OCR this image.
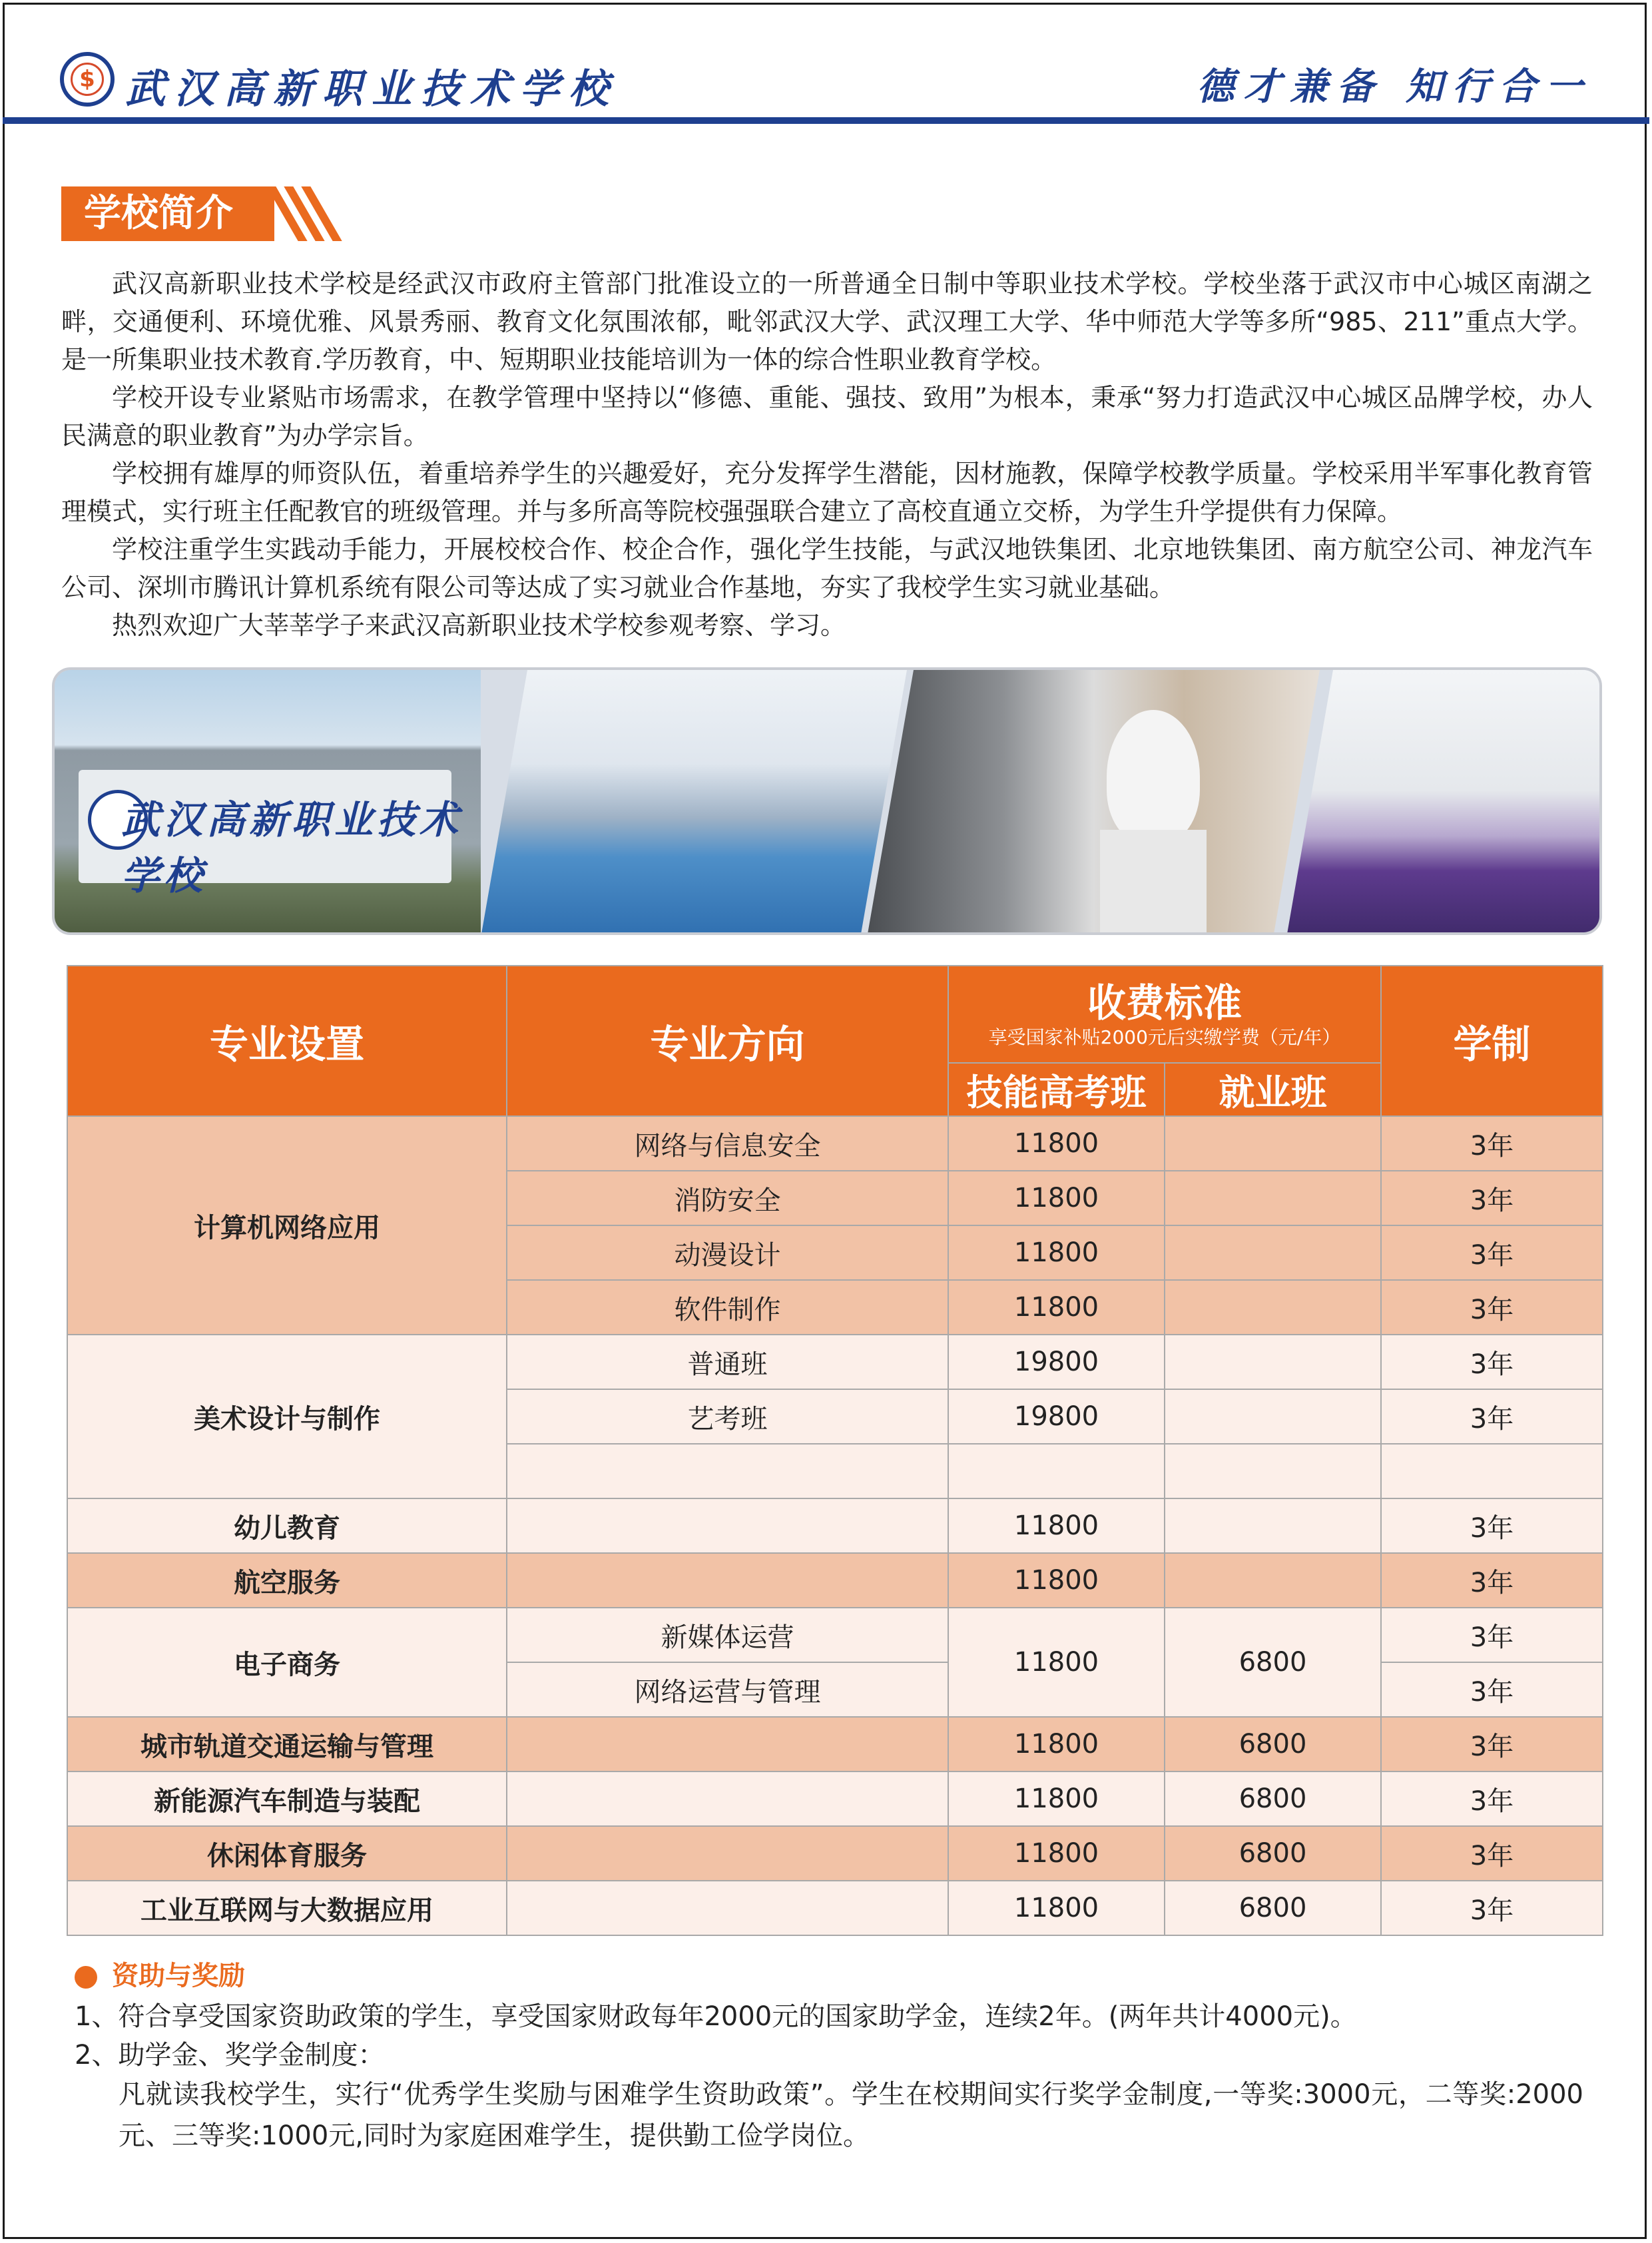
$ 武汉高新职业技术学校	德才兼备 知行合一
学校简介

武汉高新职业技术学校是经武汉市政府主管部门批准设立的一所普通全日制中等职业技术学校。学校坐落于武汉市中心城区南湖之畔，交通便利、环境优雅、风景秀丽、教育文化氛围浓郁，毗邻武汉大学、武汉理工大学、华中师范大学等多所“985、211”重点大学。是一所集职业技术教育.学历教育，中、短期职业技能培训为一体的综合性职业教育学校。

学校开设专业紧贴市场需求，在教学管理中坚持以“修德、重能、强技、致用”为根本，秉承“努力打造武汉中心城区品牌学校，办人民满意的职业教育”为办学宗旨。

学校拥有雄厚的师资队伍，着重培养学生的兴趣爱好，充分发挥学生潜能，因材施教，保障学校教学质量。学校采用半军事化教育管理模式，实行班主任配教官的班级管理。并与多所高等院校强强联合建立了高校直通立交桥，为学生升学提供有力保障。

学校注重学生实践动手能力，开展校校合作、校企合作，强化学生技能，与武汉地铁集团、北京地铁集团、南方航空公司、神龙汽车公司、深圳市腾讯计算机系统有限公司等达成了实习就业合作基地，夯实了我校学生实习就业基础。

热烈欢迎广大莘莘学子来武汉高新职业技术学校参观考察、学习。

武汉高新职业技术学校
专业设置	专业方向	收费标准
享受国家补贴2000元后实缴学费（元/年）		学制
		技能高考班	就业班	
计算机网络应用	网络与信息安全	11800		3年
	消防安全	11800		3年
	动漫设计	11800		3年
	软件制作	11800		3年
美术设计与制作	普通班	19800		3年
	艺考班	19800		3年

幼儿教育		11800		3年
航空服务		11800		3年
电子商务	新媒体运营	11800	6800	3年
	网络运营与管理			3年
城市轨道交通运输与管理		11800	6800	3年
新能源汽车制造与装配		11800	6800	3年
休闲体育服务		11800	6800	3年
工业互联网与大数据应用		11800	6800	3年
资助与奖励
1、符合享受国家资助政策的学生，享受国家财政每年2000元的国家助学金，连续2年。(两年共计4000元)。
2、助学金、奖学金制度：
凡就读我校学生，实行“优秀学生奖励与困难学生资助政策”。学生在校期间实行奖学金制度,一等奖:3000元，二等奖:2000元、三等奖:1000元,同时为家庭困难学生，提供勤工俭学岗位。
